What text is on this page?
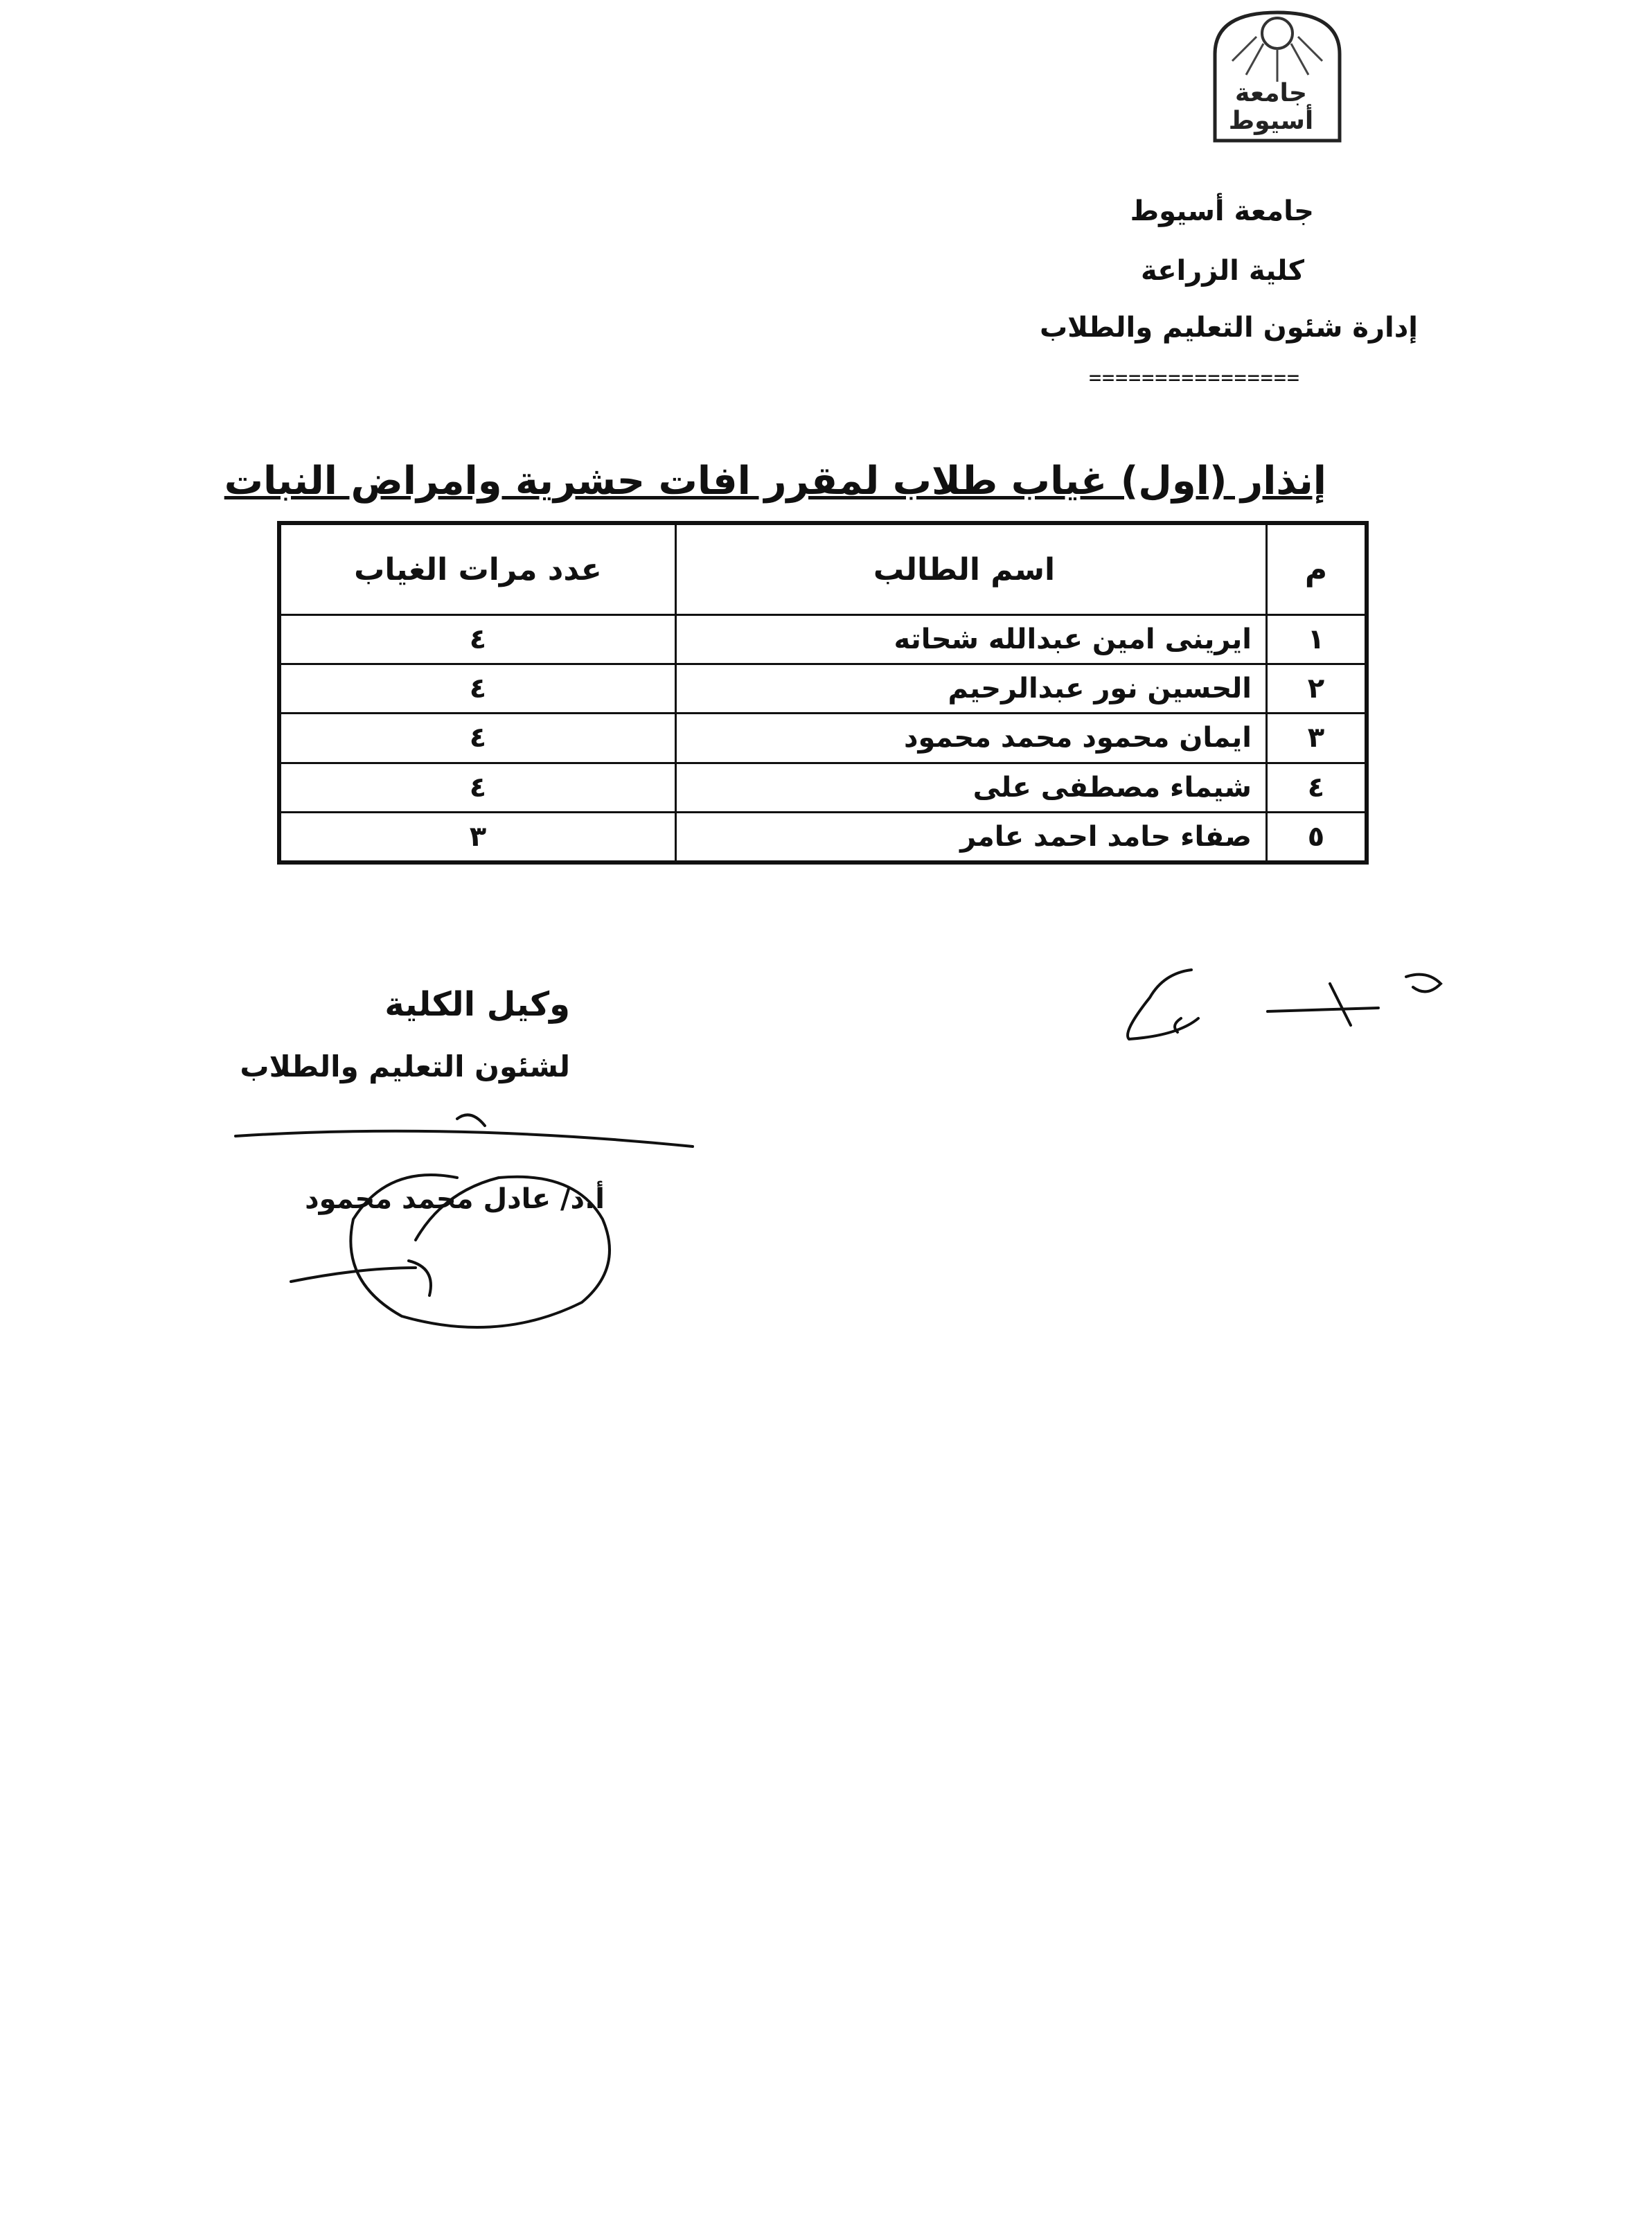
جامعة
أسيوط
جامعة أسيوط
كلية الزراعة
إدارة شئون التعليم والطلاب
================
إنذار (اول) غياب طلاب لمقرر افات حشرية وامراض النبات
م	اسم الطالب	عدد مرات الغياب
١	ايرينى امين عبدالله شحاته	٤
٢	الحسين نور عبدالرحيم	٤
٣	ايمان محمود محمد محمود	٤
٤	شيماء مصطفى على	٤
٥	صفاء حامد احمد عامر	٣
وكيل الكلية
لشئون التعليم والطلاب
أ.د/ عادل محمد محمود
